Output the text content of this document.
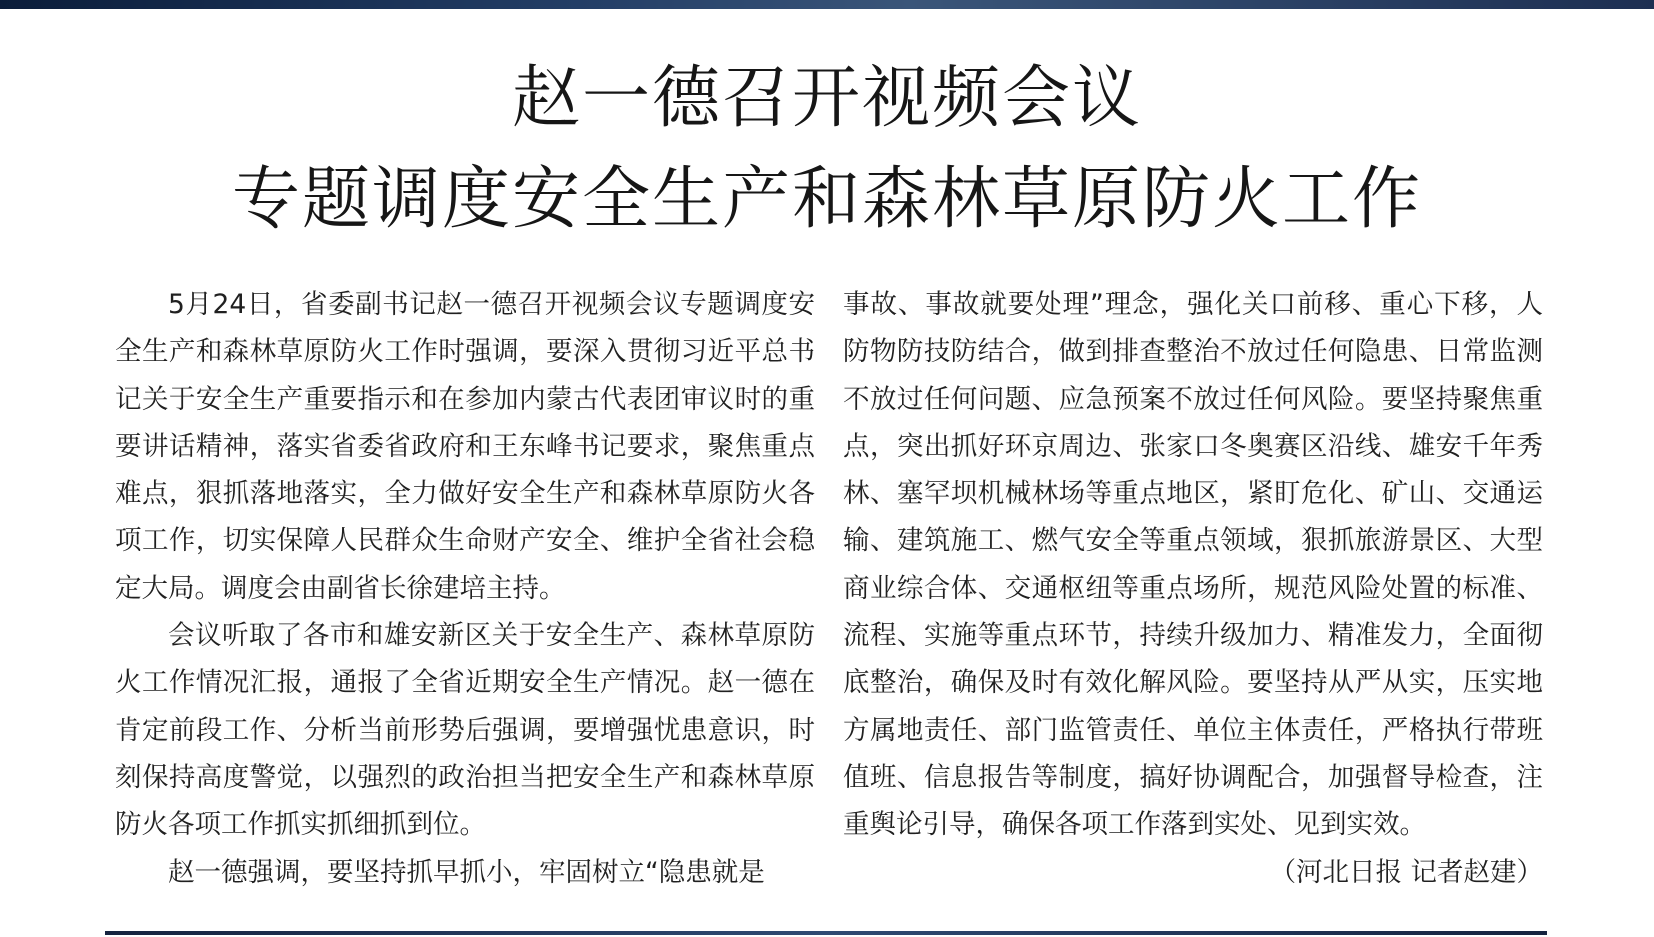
赵一德召开视频会议
专题调度安全生产和森林草原防火工作

5月24日，省委副书记赵一德召开视频会议专题调度安全生产和森林草原防火工作时强调，要深入贯彻习近平总书记关于安全生产重要指示和在参加内蒙古代表团审议时的重要讲话精神，落实省委省政府和王东峰书记要求，聚焦重点难点，狠抓落地落实，全力做好安全生产和森林草原防火各项工作，切实保障人民群众生命财产安全、维护全省社会稳定大局。调度会由副省长徐建培主持。

会议听取了各市和雄安新区关于安全生产、森林草原防火工作情况汇报，通报了全省近期安全生产情况。赵一德在肯定前段工作、分析当前形势后强调，要增强忧患意识，时刻保持高度警觉，以强烈的政治担当把安全生产和森林草原防火各项工作抓实抓细抓到位。

赵一德强调，要坚持抓早抓小，牢固树立“隐患就是

事故、事故就要处理”理念，强化关口前移、重心下移，人防物防技防结合，做到排查整治不放过任何隐患、日常监测不放过任何问题、应急预案不放过任何风险。要坚持聚焦重点，突出抓好环京周边、张家口冬奥赛区沿线、雄安千年秀林、塞罕坝机械林场等重点地区，紧盯危化、矿山、交通运输、建筑施工、燃气安全等重点领域，狠抓旅游景区、大型商业综合体、交通枢纽等重点场所，规范风险处置的标准、流程、实施等重点环节，持续升级加力、精准发力，全面彻底整治，确保及时有效化解风险。要坚持从严从实，压实地方属地责任、部门监管责任、单位主体责任，严格执行带班值班、信息报告等制度，搞好协调配合，加强督导检查，注重舆论引导，确保各项工作落到实处、见到实效。
（河北日报 记者赵建）
